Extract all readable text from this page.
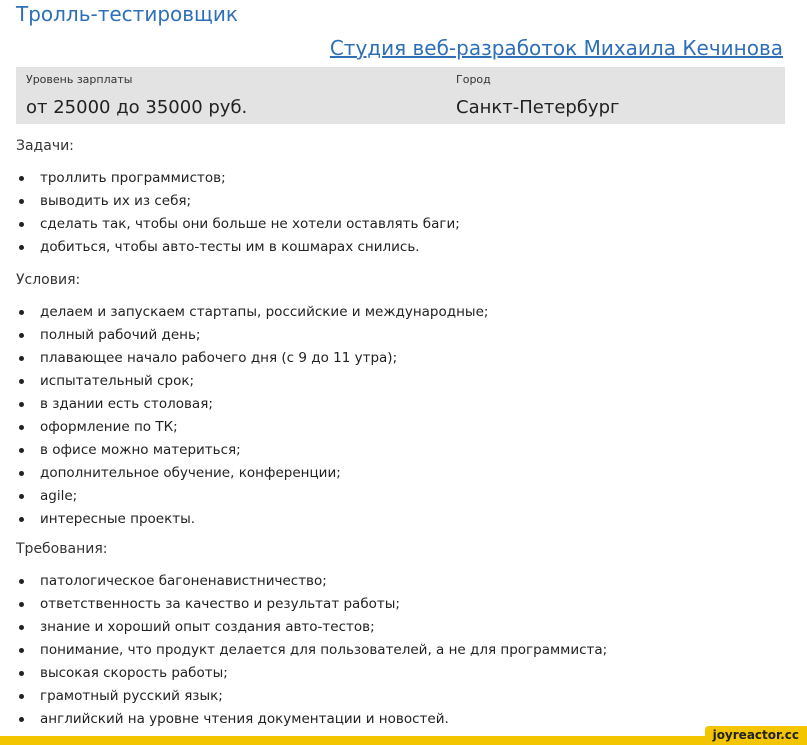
Тролль-тестировщик
Студия веб-разработок Михаила Кечинова
Уровень зарплаты
от 25000 до 35000 руб.
Город
Санкт-Петербург
Задачи:
троллить программистов;
выводить их из себя;
сделать так, чтобы они больше не хотели оставлять баги;
добиться, чтобы авто-тесты им в кошмарах снились.
Условия:
делаем и запускаем стартапы, российские и международные;
полный рабочий день;
плавающее начало рабочего дня (с 9 до 11 утра);
испытательный срок;
в здании есть столовая;
оформление по ТК;
в офисе можно материться;
дополнительное обучение, конференции;
agile;
интересные проекты.
Требования:
патологическое багоненавистничество;
ответственность за качество и результат работы;
знание и хороший опыт создания авто-тестов;
понимание, что продукт делается для пользователей, а не для программиста;
высокая скорость работы;
грамотный русский язык;
английский на уровне чтения документации и новостей.
joyreactor.cc
